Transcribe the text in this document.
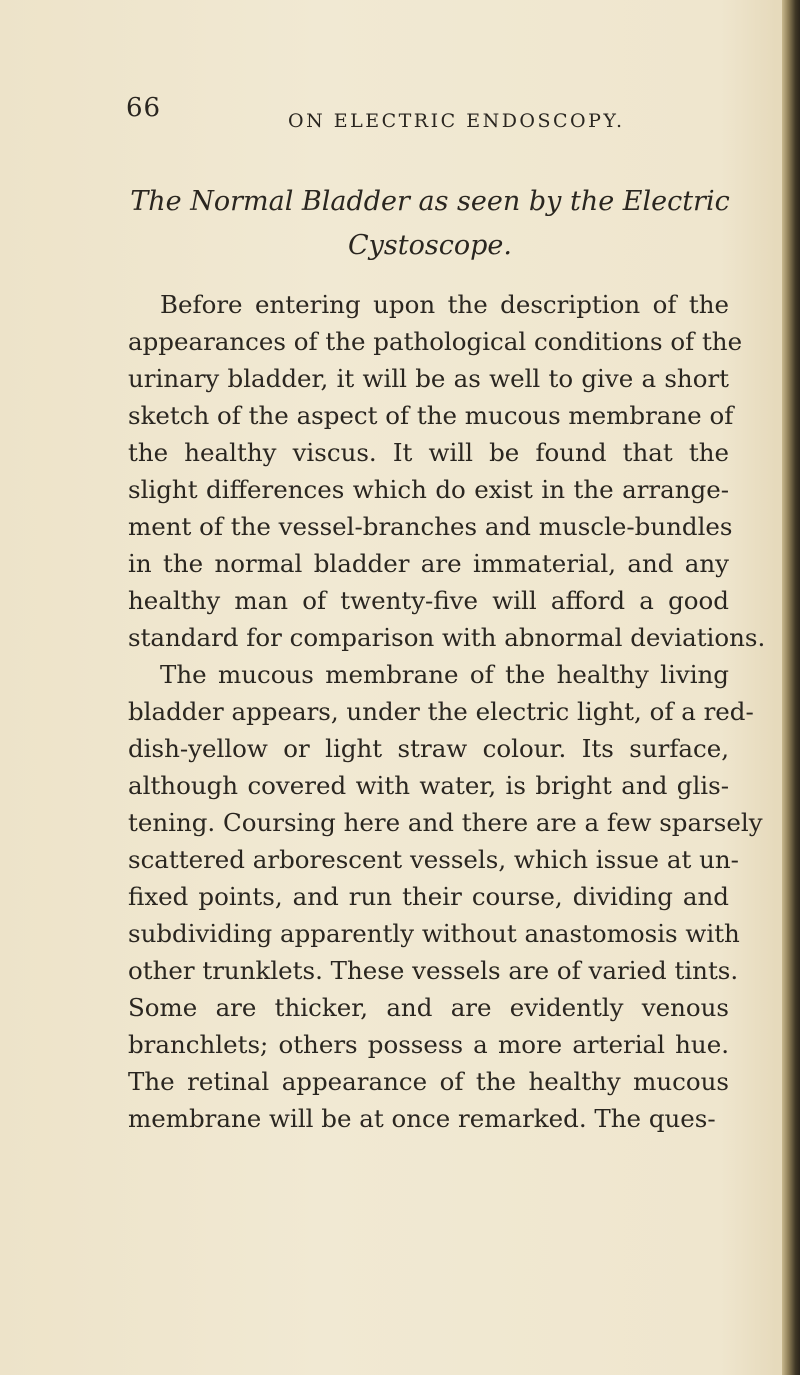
66	ON ELECTRIC ENDOSCOPY.
The Normal Bladder as seen by the Electric
Cystoscope.
Before entering upon the description of the
appearances of the pathological conditions of the
urinary bladder, it will be as well to give a short
sketch of the aspect of the mucous membrane of
the healthy viscus. It will be found that the
slight differences which do exist in the arrange-
ment of the vessel-branches and muscle-bundles
in the normal bladder are immaterial, and any
healthy man of twenty-five will afford a good
standard for comparison with abnormal deviations.
The mucous membrane of the healthy living
bladder appears, under the electric light, of a red-
dish-yellow or light straw colour. Its surface,
although covered with water, is bright and glis-
tening. Coursing here and there are a few sparsely
scattered arborescent vessels, which issue at un-
fixed points, and run their course, dividing and
subdividing apparently without anastomosis with
other trunklets. These vessels are of varied tints.
Some are thicker, and are evidently venous
branchlets; others possess a more arterial hue.
The retinal appearance of the healthy mucous
membrane will be at once remarked. The ques-
